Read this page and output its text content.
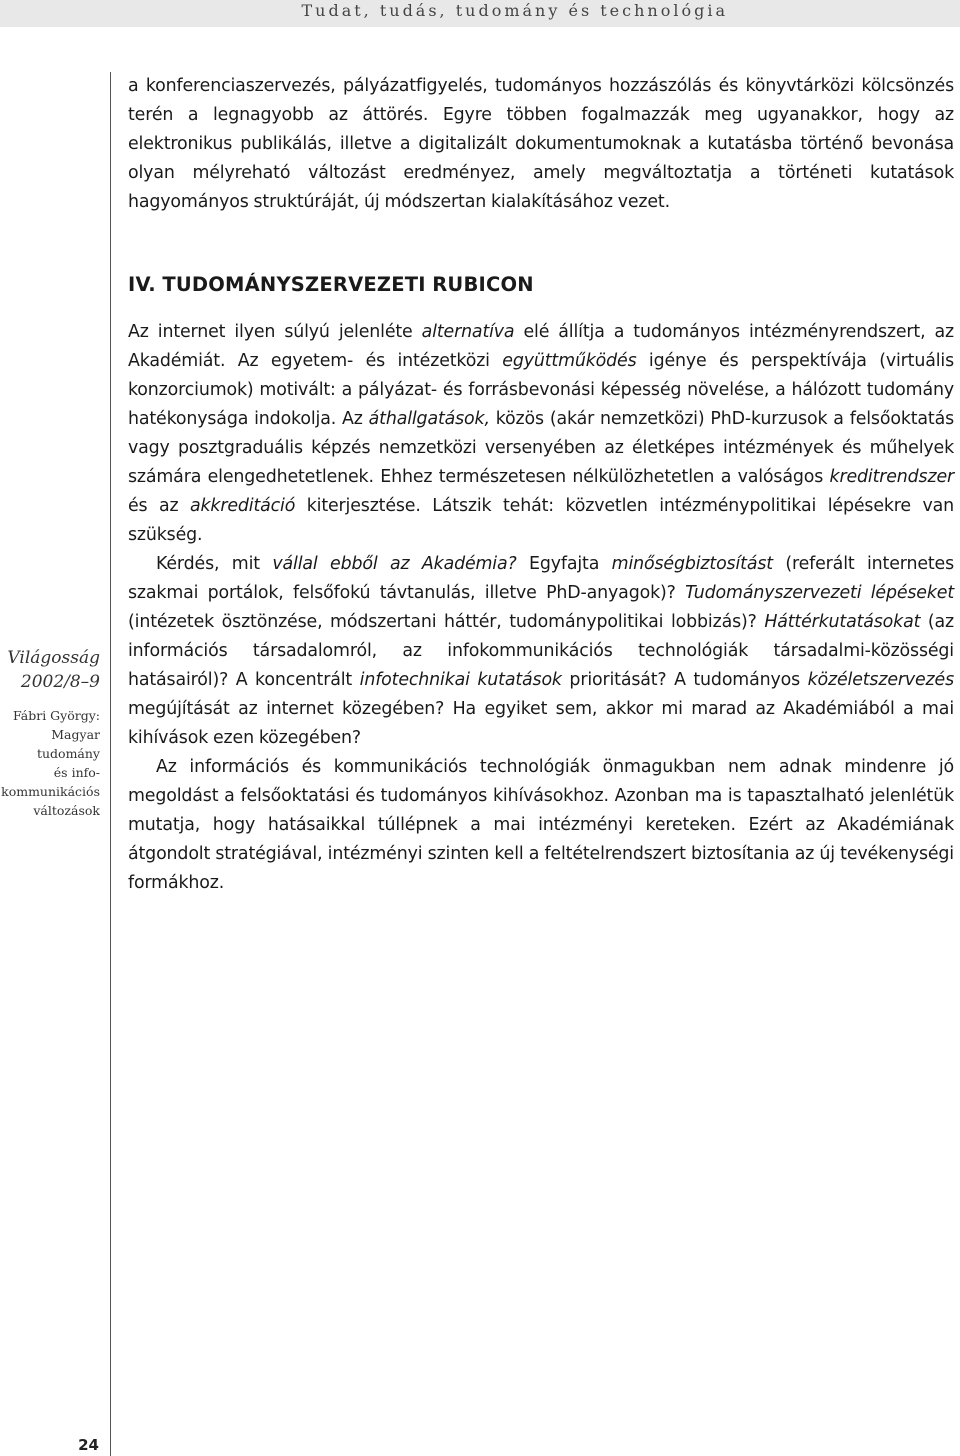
Tudat, tudás, tudomány és technológia
Világosság
2002/8–9
Fábri György:
Magyar
tudomány
és info-
kommunikációs
változások

a konferenciaszervezés, pályázatfigyelés, tudományos hozzászólás és könyvtárközi kölcsönzés terén a legnagyobb az áttörés. Egyre többen fogalmazzák meg ugyanakkor, hogy az elektronikus publikálás, illetve a digitalizált dokumentumoknak a kutatásba történő bevonása olyan mélyreható változást eredményez, amely megváltoztatja a történeti kutatások hagyományos struktúráját, új módszertan kialakításához vezet.

IV. TUDOMÁNYSZERVEZETI RUBICON

Az internet ilyen súlyú jelenléte alternatíva elé állítja a tudományos intézményrendszert, az Akadémiát. Az egyetem- és intézetközi együttműködés igénye és perspektívája (virtuális konzorciumok) motivált: a pályázat- és forrásbevonási képesség növelése, a hálózott tudomány hatékonysága indokolja. Az áthallgatások, közös (akár nemzetközi) PhD-kurzusok a felsőoktatás vagy posztgraduális képzés nemzetközi versenyében az életképes intézmények és műhelyek számára elengedhetetlenek. Ehhez természetesen nélkülözhetetlen a valóságos kreditrendszer és az akkreditáció kiterjesztése. Látszik tehát: közvetlen intézménypolitikai lépésekre van szükség.

Kérdés, mit vállal ebből az Akadémia? Egyfajta minőségbiztosítást (referált internetes szakmai portálok, felsőfokú távtanulás, illetve PhD-anyagok)? Tudományszervezeti lépéseket (intézetek ösztönzése, módszertani háttér, tudománypolitikai lobbizás)? Háttérkutatásokat (az információs társadalomról, az infokommunikációs technológiák társadalmi-közösségi hatásairól)? A koncentrált infotechnikai kutatások prioritását? A tudományos közéletszervezés megújítását az internet közegében? Ha egyiket sem, akkor mi marad az Akadémiából a mai kihívások ezen közegében?

Az információs és kommunikációs technológiák önmagukban nem adnak mindenre jó megoldást a felsőoktatási és tudományos kihívásokhoz. Azonban ma is tapasztalható jelenlétük mutatja, hogy hatásaikkal túllépnek a mai intézményi kereteken. Ezért az Akadémiának átgondolt stratégiával, intézményi szinten kell a feltételrendszert biztosítania az új tevékenységi formákhoz.

24
